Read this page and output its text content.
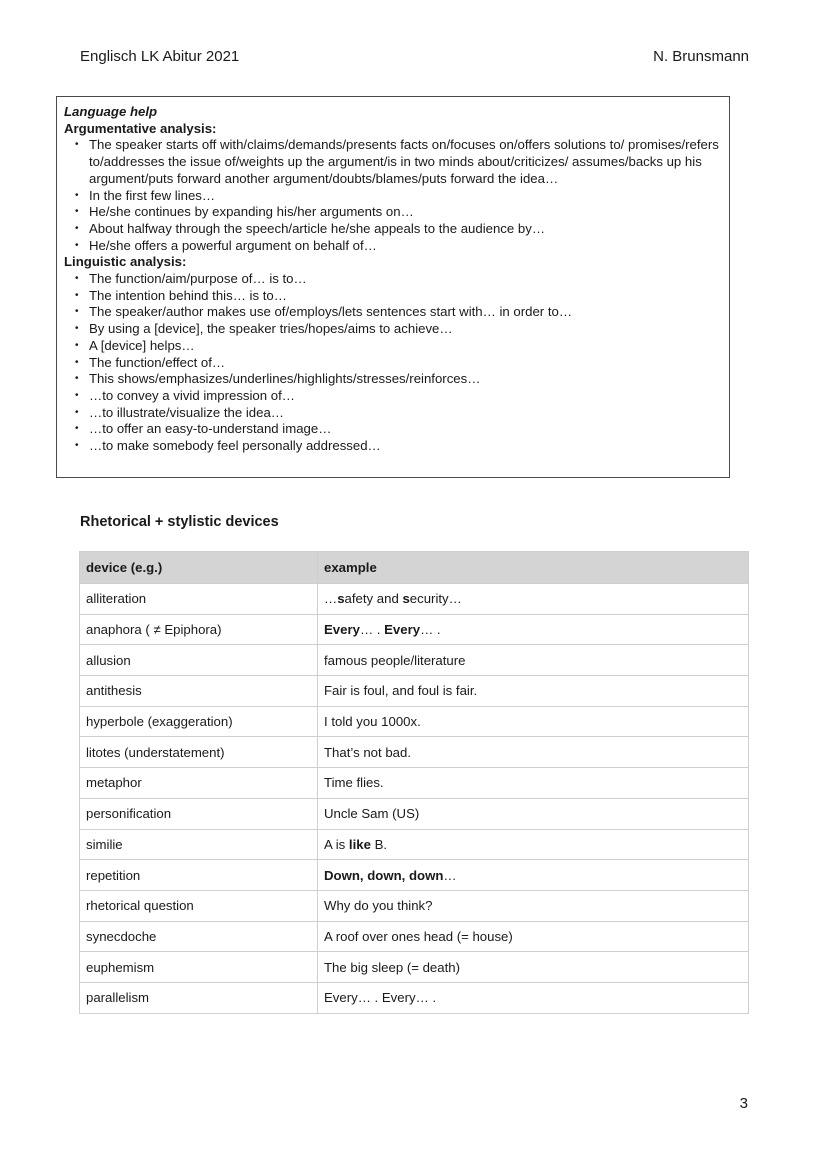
Englisch LK Abitur 2021	N. Brunsmann
Language help
Argumentative analysis:
• The speaker starts off with/claims/demands/presents facts on/focuses on/offers solutions to/ promises/refers to/addresses the issue of/weights up the argument/is in two minds about/criticizes/ assumes/backs up his argument/puts forward another argument/doubts/blames/puts forward the idea…
• In the first few lines…
• He/she continues by expanding his/her arguments on…
• About halfway through the speech/article he/she appeals to the audience by…
• He/she offers a powerful argument on behalf of…
Linguistic analysis:
• The function/aim/purpose of… is to…
• The intention behind this… is to…
• The speaker/author makes use of/employs/lets sentences start with… in order to…
• By using a [device], the speaker tries/hopes/aims to achieve…
• A [device] helps…
• The function/effect of…
• This shows/emphasizes/underlines/highlights/stresses/reinforces…
• …to convey a vivid impression of…
• …to illustrate/visualize the idea…
• …to offer an easy-to-understand image…
• …to make somebody feel personally addressed…
Rhetorical + stylistic devices
device (e.g.)	example
alliteration	…safety and security…
anaphora ( ≠ Epiphora)	Every… . Every… .
allusion	famous people/literature
antithesis	Fair is foul, and foul is fair.
hyperbole (exaggeration)	I told you 1000x.
litotes (understatement)	That’s not bad.
metaphor	Time flies.
personification	Uncle Sam (US)
similie	A is like B.
repetition	Down, down, down…
rhetorical question	Why do you think?
synecdoche	A roof over ones head (= house)
euphemism	The big sleep (= death)
parallelism	Every… . Every… .
3
